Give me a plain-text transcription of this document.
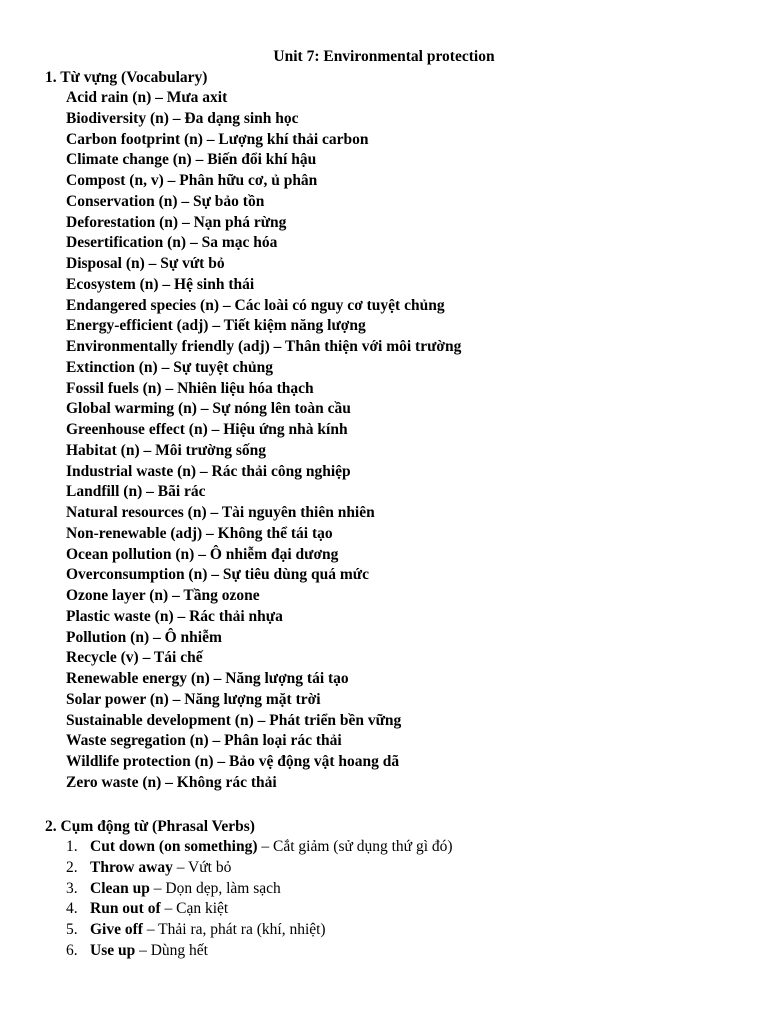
Unit 7: Environmental protection
1. Từ vựng (Vocabulary)
Acid rain (n) – Mưa axit
Biodiversity (n) – Đa dạng sinh học
Carbon footprint (n) – Lượng khí thải carbon
Climate change (n) – Biến đổi khí hậu
Compost (n, v) – Phân hữu cơ, ủ phân
Conservation (n) – Sự bảo tồn
Deforestation (n) – Nạn phá rừng
Desertification (n) – Sa mạc hóa
Disposal (n) – Sự vứt bỏ
Ecosystem (n) – Hệ sinh thái
Endangered species (n) – Các loài có nguy cơ tuyệt chủng
Energy-efficient (adj) – Tiết kiệm năng lượng
Environmentally friendly (adj) – Thân thiện với môi trường
Extinction (n) – Sự tuyệt chủng
Fossil fuels (n) – Nhiên liệu hóa thạch
Global warming (n) – Sự nóng lên toàn cầu
Greenhouse effect (n) – Hiệu ứng nhà kính
Habitat (n) – Môi trường sống
Industrial waste (n) – Rác thải công nghiệp
Landfill (n) – Bãi rác
Natural resources (n) – Tài nguyên thiên nhiên
Non-renewable (adj) – Không thể tái tạo
Ocean pollution (n) – Ô nhiễm đại dương
Overconsumption (n) – Sự tiêu dùng quá mức
Ozone layer (n) – Tầng ozone
Plastic waste (n) – Rác thải nhựa
Pollution (n) – Ô nhiễm
Recycle (v) – Tái chế
Renewable energy (n) – Năng lượng tái tạo
Solar power (n) – Năng lượng mặt trời
Sustainable development (n) – Phát triển bền vững
Waste segregation (n) – Phân loại rác thải
Wildlife protection (n) – Bảo vệ động vật hoang dã
Zero waste (n) – Không rác thải
2. Cụm động từ (Phrasal Verbs)
1. Cut down (on something) – Cắt giảm (sử dụng thứ gì đó)
2. Throw away – Vứt bỏ
3. Clean up – Dọn dẹp, làm sạch
4. Run out of – Cạn kiệt
5. Give off – Thải ra, phát ra (khí, nhiệt)
6. Use up – Dùng hết
